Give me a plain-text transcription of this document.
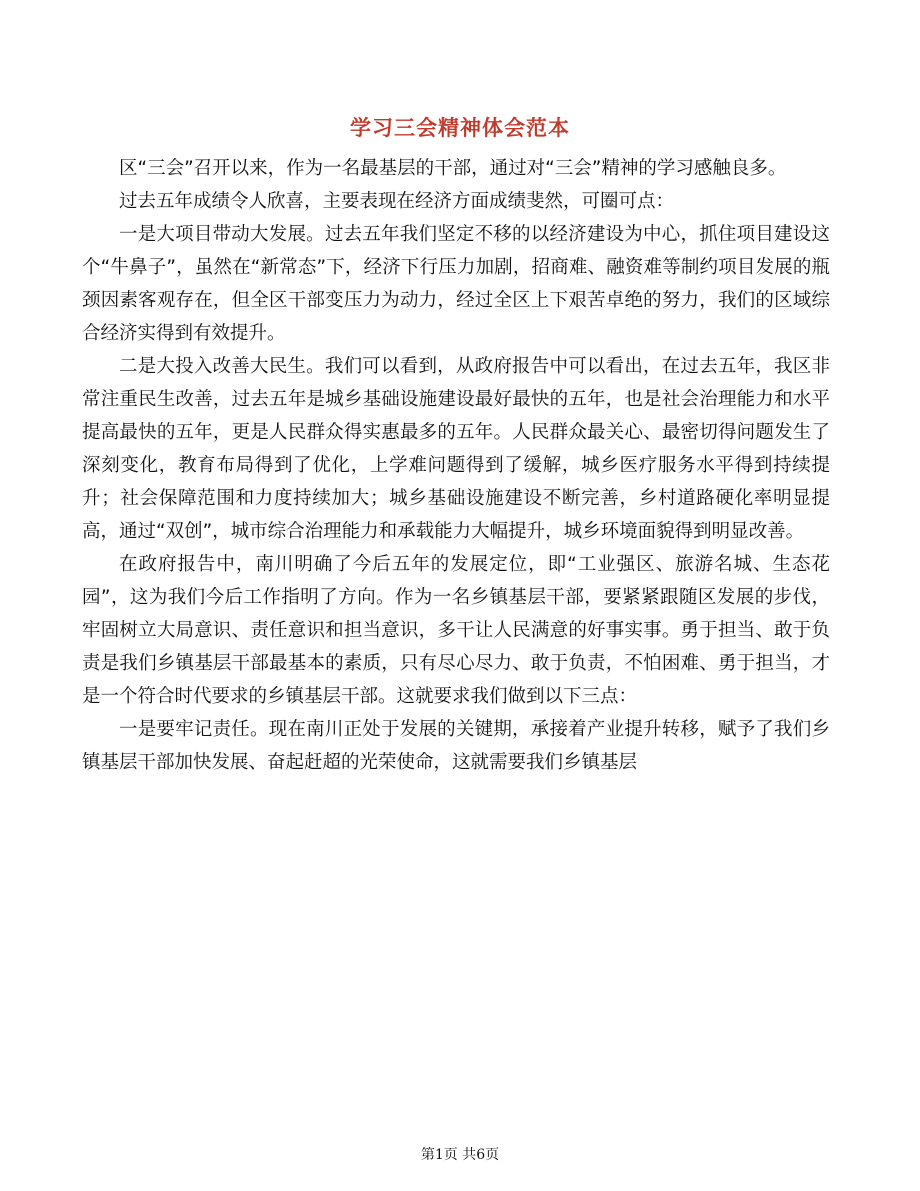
学习三会精神体会范本

区“三会”召开以来，作为一名最基层的干部，通过对“三会”精神的学习感触良多。

过去五年成绩令人欣喜，主要表现在经济方面成绩斐然，可圈可点：

一是大项目带动大发展。过去五年我们坚定不移的以经济建设为中心，抓住项目建设这个“牛鼻子”，虽然在“新常态”下，经济下行压力加剧，招商难、融资难等制约项目发展的瓶颈因素客观存在，但全区干部变压力为动力，经过全区上下艰苦卓绝的努力，我们的区域综合经济实得到有效提升。

二是大投入改善大民生。我们可以看到，从政府报告中可以看出，在过去五年，我区非常注重民生改善，过去五年是城乡基础设施建设最好最快的五年，也是社会治理能力和水平提高最快的五年，更是人民群众得实惠最多的五年。人民群众最关心、最密切得问题发生了深刻变化，教育布局得到了优化，上学难问题得到了缓解，城乡医疗服务水平得到持续提升；社会保障范围和力度持续加大；城乡基础设施建设不断完善，乡村道路硬化率明显提高，通过“双创”，城市综合治理能力和承载能力大幅提升，城乡环境面貌得到明显改善。

在政府报告中，南川明确了今后五年的发展定位，即“工业强区、旅游名城、生态花园”，这为我们今后工作指明了方向。作为一名乡镇基层干部，要紧紧跟随区发展的步伐，牢固树立大局意识、责任意识和担当意识，多干让人民满意的好事实事。勇于担当、敢于负责是我们乡镇基层干部最基本的素质，只有尽心尽力、敢于负责，不怕困难、勇于担当，才是一个符合时代要求的乡镇基层干部。这就要求我们做到以下三点：

一是要牢记责任。现在南川正处于发展的关键期，承接着产业提升转移，赋予了我们乡镇基层干部加快发展、奋起赶超的光荣使命，这就需要我们乡镇基层

第1页 共6页
